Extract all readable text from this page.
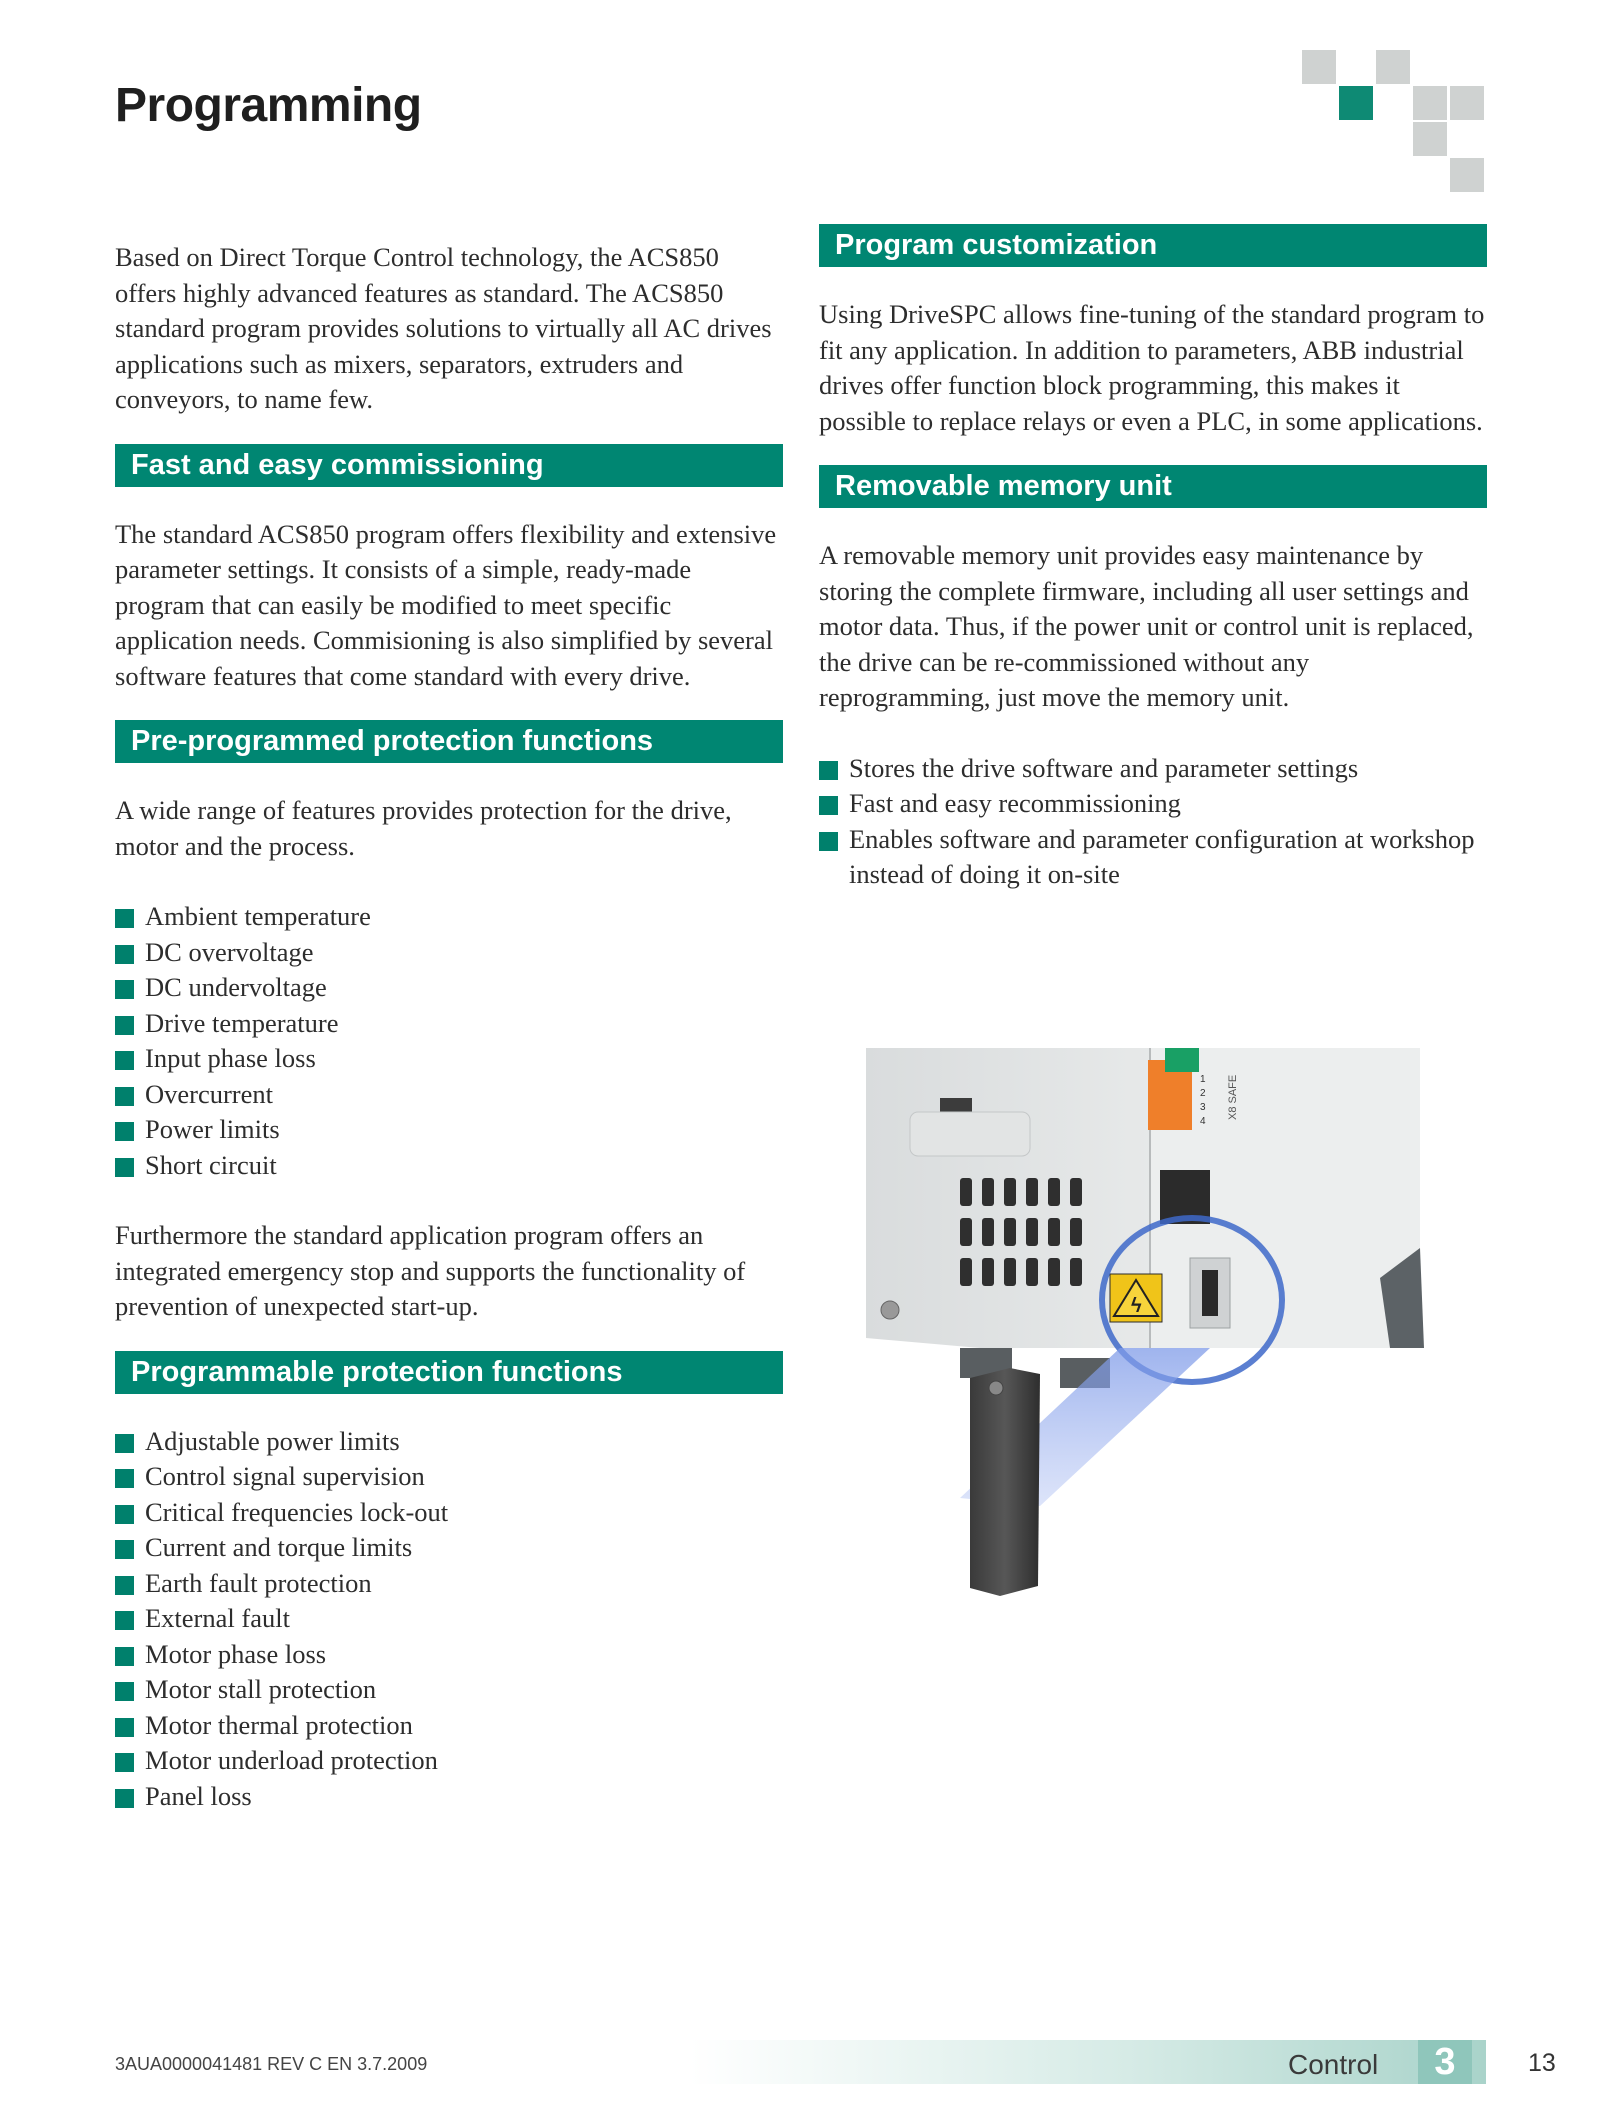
Programming

Based on Direct Torque Control technology, the ACS850 offers highly advanced features as standard. The ACS850 standard program provides solutions to virtually all AC drives applications such as mixers, separators, extruders and conveyors, to name few.

Fast and easy commissioning

The standard ACS850 program offers flexibility and extensive parameter settings. It consists of a simple, ready-made program that can easily be modified to meet specific application needs. Commisioning is also simplified by several software features that come standard with every drive.

Pre-programmed protection functions

A wide range of features provides protection for the drive, motor and the process.

Ambient temperature
DC overvoltage
DC undervoltage
Drive temperature
Input phase loss
Overcurrent
Power limits
Short circuit

Furthermore the standard application program offers an integrated emergency stop and supports the functionality of prevention of unexpected start-up.

Programmable protection functions
Adjustable power limits
Control signal supervision
Critical frequencies lock-out
Current and torque limits
Earth fault protection
External fault
Motor phase loss
Motor stall protection
Motor thermal protection
Motor underload protection
Panel loss
Program customization

Using DriveSPC allows fine-tuning of the standard program to fit any application. In addition to parameters, ABB industrial drives offer function block programming, this makes it possible to replace relays or even a PLC, in some applications.

Removable memory unit

A removable memory unit provides easy maintenance by storing the complete firmware, including all user settings and motor data. Thus, if the power unit or control unit is replaced, the drive can be re-commissioned without any reprogramming, just move the memory unit.

Stores the drive software and parameter settings
Fast and easy recommissioning
Enables software and parameter configuration at workshop instead of doing it on-site
1
2
3
4
X8 SAFE
ϟ
3AUA0000041481 REV C EN 3.7.2009	Control	3	13
